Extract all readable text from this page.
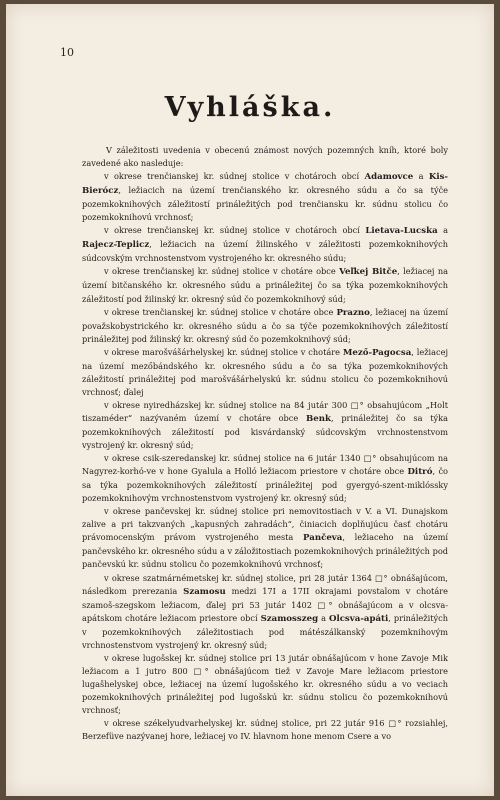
10
Vyhláška.

V záležitosti uvedenia v obecenú známost nových pozemných kníh, ktoré boly zavedené ako nasleduje:

v okrese trenčianskej kr. súdnej stolice v chotároch obcí Adamovce a Kis-Bierócz, ležiacich na území trenčianského kr. okresného súdu a čo sa týče pozemkoknihových záležitostí prináležitých pod trenčiansku kr. súdnu stolicu čo pozemkoknihovú vrchnosť;

v okrese trenčianskej kr. súdnej stolice v chotároch obcí Lietava-Lucska a Rajecz-Teplicz, ležiacich na území žilinského v záležitosti pozemkoknihových súdcovským vrchnostenstvom vystrojeného kr. okresného súdu;

v okrese trenčianskej kr. súdnej stolice v chotáre obce Veľkej Bitče, ležiacej na území bitčanského kr. okresného súdu a prináležitej čo sa týka pozemkoknihových záležitostí pod žilinský kr. okresný súd čo pozemkoknihový súd;

v okrese trenčianskej kr. súdnej stolice v chotáre obce Prazno, ležiacej na území považskobystrického kr. okresného súdu a čo sa týče pozemkoknihových záležitostí prináležitej pod žilinský kr. okresný súd čo pozemkoknihový súd;

v okrese marošvášárhelyskej kr. súdnej stolice v chotáre Mező-Pagocsa, ležiacej na území mezőbándského kr. okresného súdu a čo sa týka pozemkoknihových záležitostí prináležitej pod marošvášárhelyskú kr. súdnu stolicu čo pozemkoknihovú vrchnosť; ďalej

v okrese nyiredházskej kr. súdnej stolice na 84 jutár 300 □° obsahujúcom „Holt tiszaméder“ nazývaném území v chotáre obce Benk, prináležitej čo sa týka pozemkoknihových záležitostí pod kisvárdanský súdcovským vrchnostenstvom vystrojený kr. okresný súd;

v okrese csik-szeredanskej kr. súdnej stolice na 6 jutár 1340 □° obsahujúcom na Nagyrez-korhó-ve v hone Gyalula a Holló ležiacom priestore v chotáre obce Ditró, čo sa týka pozemkoknihových záležitostí prináležitej pod gyergyó-szent-miklóssky pozemkoknihovým vrchnostenstvom vystrojený kr. okresný súd;

v okrese pančevskej kr. súdnej stolice pri nemovitostiach v V. a VI. Dunajskom zalive a pri takzvaných „kapusných zahradách“, činiacich doplňujúcu časť chotáru právomocenským právom vystrojeného mesta Pančeva, ležiaceho na území pančevského kr. okresného súdu a v záložitostiach pozemkoknihových prináležitých pod pančevskú kr. súdnu stolicu čo pozemkoknihovú vrchnosť;

v okrese szatmárnémetskej kr. súdnej stolice, pri 28 jutár 1364 □° obnášajúcom, následkom prerezania Szamosu medzi 17I a 17II okrajami povstalom v chotáre szamoš-szegskom ležiacom, ďalej pri 53 jutár 1402 □° obnášajúcom a v olcsva-apátskom chotáre ležiacom priestore obcí Szamosszeg a Olcsva-apáti, prináležitých v pozemkoknihových záležitostiach pod mátészálkanský pozemknihovým vrchnostenstvom vystrojený kr. okresný súd;

v okrese lugošskej kr. súdnej stolice pri 13 jutár obnášajúcom v hone Zavoje Mik ležiacom a 1 jutro 800 □° obnášajúcom tiež v Zavoje Mare ležiacom priestore lugašhelyskej obce, ležiacej na území lugošského kr. okresného súdu a vo veciach pozemkoknihových prináležitej pod lugošskú kr. súdnu stolicu čo pozemkoknihovú vrchnosť;

v okrese székelyudvarhelyskej kr. súdnej stolice, pri 22 jutár 916 □° rozsiahlej, Berzefüve nazývanej hore, ležiacej vo IV. hlavnom hone menom Csere a vo
